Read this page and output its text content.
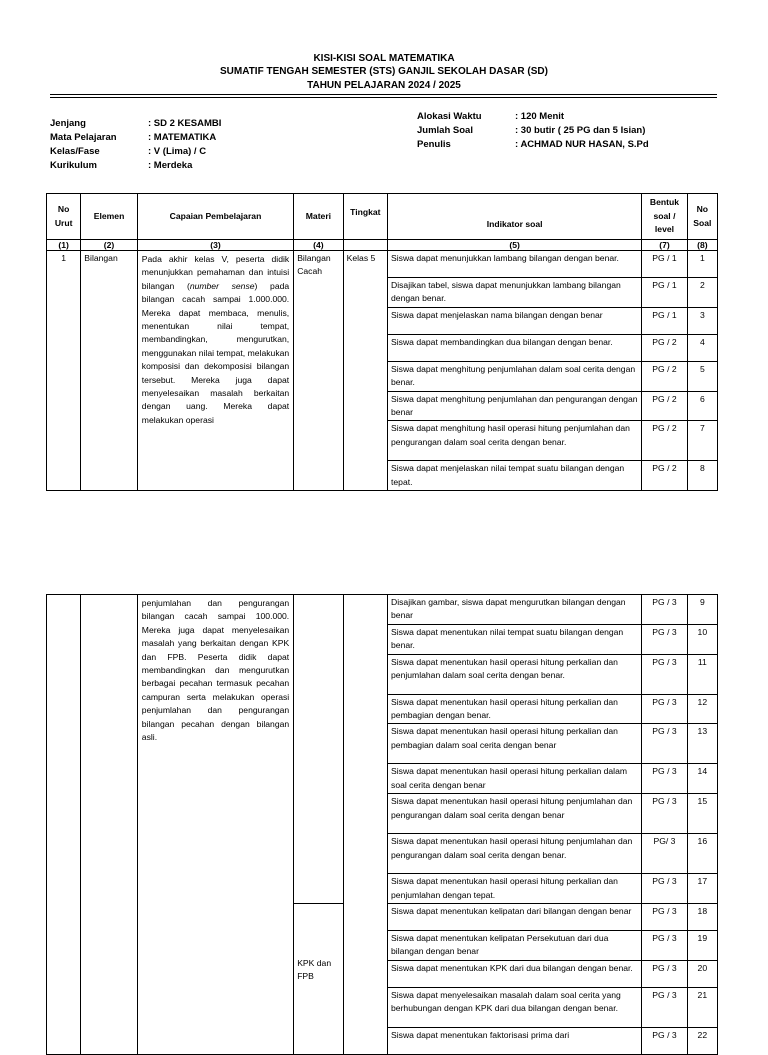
KISI-KISI SOAL MATEMATIKA
SUMATIF TENGAH SEMESTER (STS) GANJIL SEKOLAH DASAR (SD)
TAHUN PELAJARAN 2024 / 2025
Jenjang	: SD 2 KESAMBI
Mata Pelajaran	: MATEMATIKA
Kelas/Fase	: V (Lima) / C
Kurikulum	: Merdeka
Alokasi Waktu	: 120 Menit
Jumlah Soal	: 30 butir ( 25 PG dan 5 Isian)
Penulis	: ACHMAD NUR HASAN, S.Pd
No Urut	Elemen	Capaian Pembelajaran	Materi	Tingkat	Indikator soal	Bentuk soal / level	No Soal
(1)	(2)	(3)	(4)		(5)	(7)	(8)
1	Bilangan	Pada akhir kelas V, peserta didik menunjukkan pemahaman dan intuisi bilangan (number sense) pada bilangan cacah sampai 1.000.000. Mereka dapat membaca, menulis, menentukan nilai tempat, membandingkan, mengurutkan, menggunakan nilai tempat, melakukan komposisi dan dekomposisi bilangan tersebut. Mereka juga dapat menyelesaikan masalah berkaitan dengan uang. Mereka dapat melakukan operasi	Bilangan Cacah	Kelas 5	Siswa dapat menunjukkan lambang bilangan dengan benar.	PG / 1	1
					Disajikan tabel, siswa dapat menunjukkan lambang bilangan dengan benar.	PG / 1	2
					Siswa dapat menjelaskan nama bilangan dengan benar	PG / 1	3
					Siswa dapat membandingkan dua bilangan dengan benar.	PG / 2	4
					Siswa dapat menghitung penjumlahan dalam soal cerita dengan benar.	PG / 2	5
					Siswa dapat menghitung penjumlahan dan pengurangan dengan benar	PG / 2	6
					Siswa dapat menghitung hasil operasi hitung penjumlahan dan pengurangan dalam soal cerita dengan benar.	PG / 2	7
					Siswa dapat menjelaskan nilai tempat suatu bilangan dengan tepat.	PG / 2	8
		penjumlahan dan pengurangan bilangan cacah sampai 100.000. Mereka juga dapat menyelesaikan masalah yang berkaitan dengan KPK dan FPB. Peserta didik dapat membandingkan dan mengurutkan berbagai pecahan termasuk pecahan campuran serta melakukan operasi penjumlahan dan pengurangan bilangan pecahan dengan bilangan asli.			Disajikan gambar, siswa dapat mengurutkan bilangan dengan benar	PG / 3	9
					Siswa dapat menentukan nilai tempat suatu bilangan dengan benar.	PG / 3	10
					Siswa dapat menentukan hasil operasi hitung perkalian dan penjumlahan dalam soal cerita dengan benar.	PG / 3	11
					Siswa dapat menentukan hasil operasi hitung perkalian dan pembagian dengan benar.	PG / 3	12
					Siswa dapat menentukan hasil operasi hitung perkalian dan pembagian dalam soal cerita dengan benar	PG / 3	13
					Siswa dapat menentukan hasil operasi hitung perkalian dalam soal cerita dengan benar	PG / 3	14
					Siswa dapat menentukan hasil operasi hitung penjumlahan dan pengurangan dalam soal cerita dengan benar	PG / 3	15
					Siswa dapat menentukan hasil operasi hitung penjumlahan dan pengurangan dalam soal cerita dengan benar.	PG/ 3	16
					Siswa dapat menentukan hasil operasi hitung perkalian dan penjumlahan dengan tepat.	PG / 3	17
			KPK dan FPB		Siswa dapat menentukan kelipatan dari bilangan dengan benar	PG / 3	18
					Siswa dapat menentukan kelipatan Persekutuan dari dua bilangan dengan benar	PG / 3	19
					Siswa dapat menentukan KPK dari dua bilangan dengan benar.	PG / 3	20
					Siswa dapat menyelesaikan masalah dalam soal cerita yang berhubungan dengan KPK dari dua bilangan dengan benar.	PG / 3	21
					Siswa dapat menentukan faktorisasi prima dari	PG / 3	22
